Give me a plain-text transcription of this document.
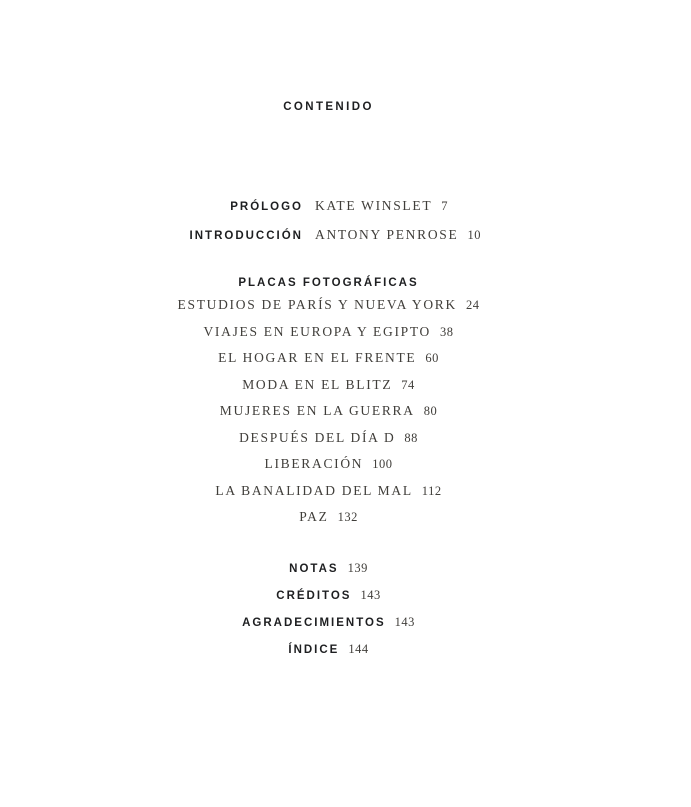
CONTENIDO
PRÓLOGO KATE WINSLET 7
INTRODUCCIÓN ANTONY PENROSE 10
PLACAS FOTOGRÁFICAS
ESTUDIOS DE PARÍS Y NUEVA YORK 24
VIAJES EN EUROPA Y EGIPTO 38
EL HOGAR EN EL FRENTE 60
MODA EN EL BLITZ 74
MUJERES EN LA GUERRA 80
DESPUÉS DEL DÍA D 88
LIBERACIÓN 100
LA BANALIDAD DEL MAL 112
PAZ 132
NOTAS 139
CRÉDITOS 143
AGRADECIMIENTOS 143
ÍNDICE 144
